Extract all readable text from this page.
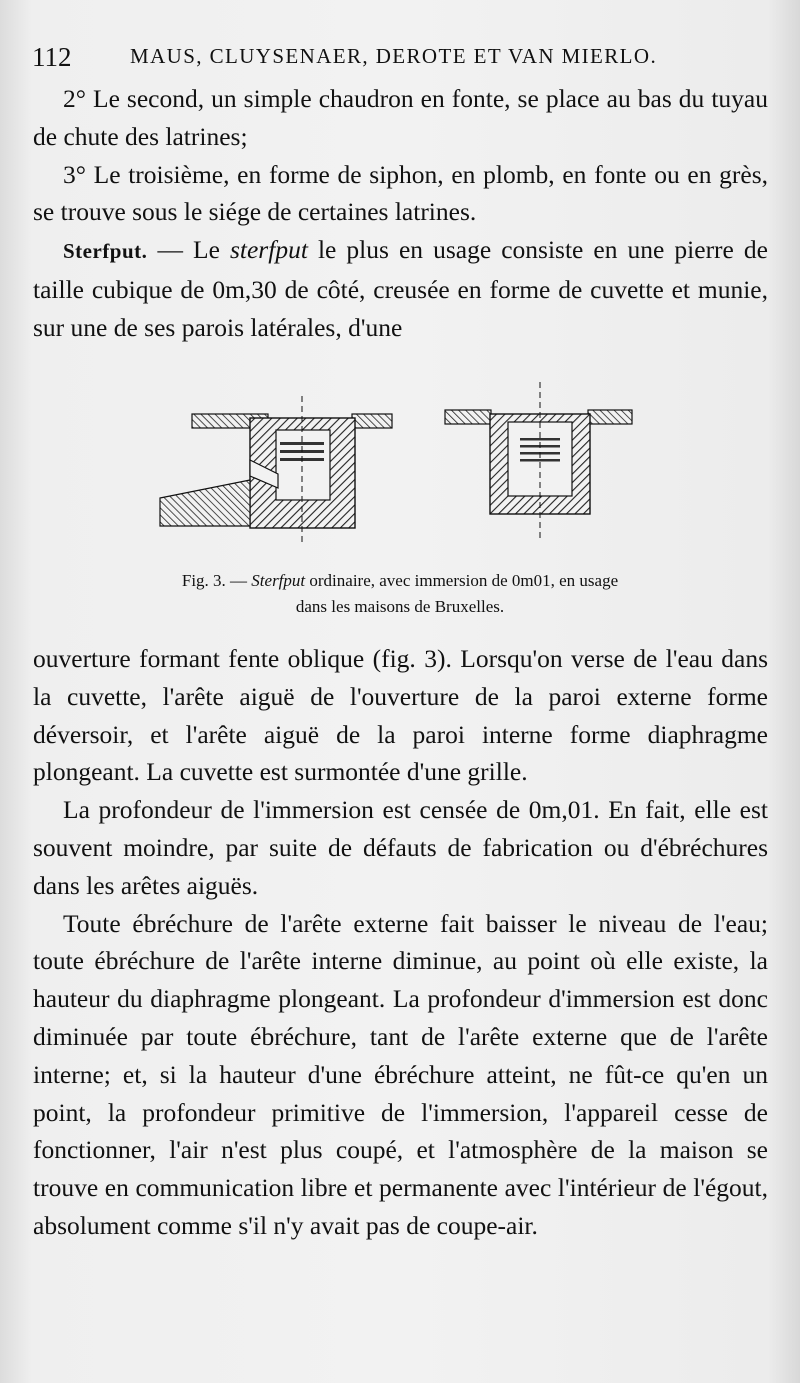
112	MAUS, CLUYSENAER, DEROTE ET VAN MIERLO.

2° Le second, un simple chaudron en fonte, se place au bas du tuyau de chute des latrines;

3° Le troisième, en forme de siphon, en plomb, en fonte ou en grès, se trouve sous le siége de certaines latrines.

Sterfput. — Le sterfput le plus en usage consiste en une pierre de taille cubique de 0m,30 de côté, creusée en forme de cuvette et munie, sur une de ses parois latérales, d'une

Fig. 3. — Sterfput ordinaire, avec immersion de 0m01, en usage
dans les maisons de Bruxelles.

ouverture formant fente oblique (fig. 3). Lorsqu'on verse de l'eau dans la cuvette, l'arête aiguë de l'ouverture de la paroi externe forme déversoir, et l'arête aiguë de la paroi interne forme diaphragme plongeant. La cuvette est surmontée d'une grille.

La profondeur de l'immersion est censée de 0m,01. En fait, elle est souvent moindre, par suite de défauts de fabrication ou d'ébréchures dans les arêtes aiguës.

Toute ébréchure de l'arête externe fait baisser le niveau de l'eau; toute ébréchure de l'arête interne diminue, au point où elle existe, la hauteur du diaphragme plongeant. La profondeur d'immersion est donc diminuée par toute ébréchure, tant de l'arête externe que de l'arête interne; et, si la hauteur d'une ébréchure atteint, ne fût-ce qu'en un point, la profondeur primitive de l'immersion, l'appareil cesse de fonctionner, l'air n'est plus coupé, et l'atmosphère de la maison se trouve en communication libre et permanente avec l'intérieur de l'égout, absolument comme s'il n'y avait pas de coupe-air.
